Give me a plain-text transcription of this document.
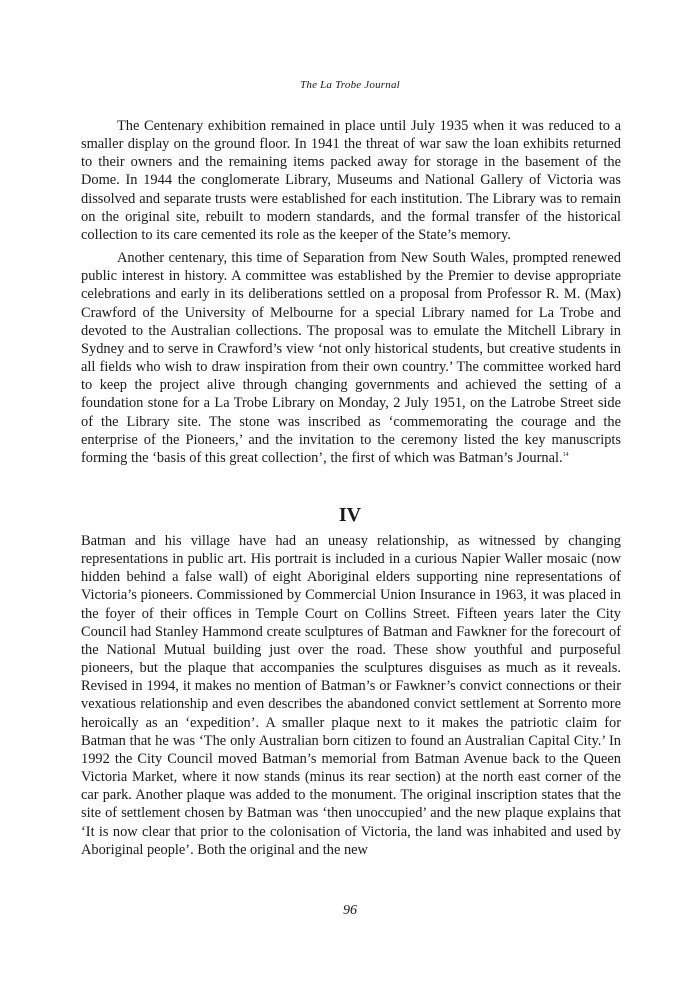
The La Trobe Journal

The Centenary exhibition remained in place until July 1935 when it was reduced to a smaller display on the ground floor. In 1941 the threat of war saw the loan exhibits returned to their owners and the remaining items packed away for storage in the basement of the Dome. In 1944 the conglomerate Library, Museums and National Gallery of Victoria was dissolved and separate trusts were established for each institution. The Library was to remain on the original site, rebuilt to modern standards, and the formal transfer of the historical collection to its care cemented its role as the keeper of the State’s memory.

Another centenary, this time of Separation from New South Wales, prompted renewed public interest in history. A committee was established by the Premier to devise appropriate celebrations and early in its deliberations settled on a proposal from Professor R. M. (Max) Crawford of the University of Melbourne for a special Library named for La Trobe and devoted to the Australian collections. The proposal was to emulate the Mitchell Library in Sydney and to serve in Crawford’s view ‘not only historical students, but creative students in all fields who wish to draw inspiration from their own country.’ The committee worked hard to keep the project alive through changing governments and achieved the setting of a foundation stone for a La Trobe Library on Monday, 2 July 1951, on the Latrobe Street side of the Library site. The stone was inscribed as ‘commemorating the courage and the enterprise of the Pioneers,’ and the invitation to the ceremony listed the key manuscripts forming the ‘basis of this great collection’, the first of which was Batman’s Journal.$^{14}$

IV

Batman and his village have had an uneasy relationship, as witnessed by changing representations in public art. His portrait is included in a curious Napier Waller mosaic (now hidden behind a false wall) of eight Aboriginal elders supporting nine representations of Victoria’s pioneers. Commissioned by Commercial Union Insurance in 1963, it was placed in the foyer of their offices in Temple Court on Collins Street. Fifteen years later the City Council had Stanley Hammond create sculptures of Batman and Fawkner for the forecourt of the National Mutual building just over the road. These show youthful and purposeful pioneers, but the plaque that accompanies the sculptures disguises as much as it reveals. Revised in 1994, it makes no mention of Batman’s or Fawkner’s convict connections or their vexatious relationship and even describes the abandoned convict settlement at Sorrento more heroically as an ‘expedition’. A smaller plaque next to it makes the patriotic claim for Batman that he was ‘The only Australian born citizen to found an Australian Capital City.’ In 1992 the City Council moved Batman’s memorial from Batman Avenue back to the Queen Victoria Market, where it now stands (minus its rear section) at the north east corner of the car park. Another plaque was added to the monument. The original inscription states that the site of settlement chosen by Batman was ‘then unoccupied’ and the new plaque explains that ‘It is now clear that prior to the colonisation of Victoria, the land was inhabited and used by Aboriginal people’. Both the original and the new

96
